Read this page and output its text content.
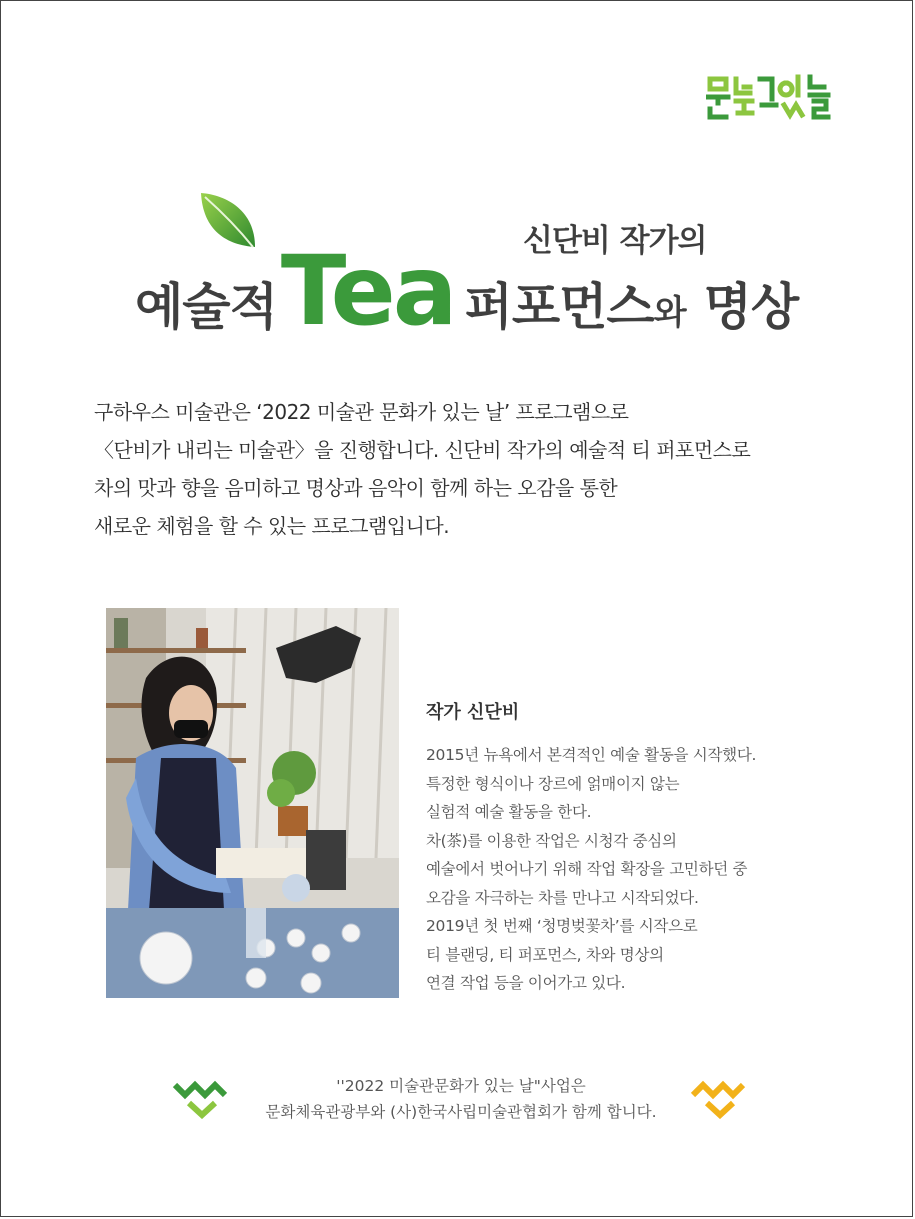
신단비 작가의
예술적 Tea 퍼포먼스 와 명상

구하우스 미술관은 ‘2022 미술관 문화가 있는 날’ 프로그램으로

〈단비가 내리는 미술관〉을 진행합니다. 신단비 작가의 예술적 티 퍼포먼스로

차의 맛과 향을 음미하고 명상과 음악이 함께 하는 오감을 통한

새로운 체험을 할 수 있는 프로그램입니다.

작가 신단비

2015년 뉴욕에서 본격적인 예술 활동을 시작했다.

특정한 형식이나 장르에 얽매이지 않는

실험적 예술 활동을 한다.

차(茶)를 이용한 작업은 시청각 중심의

예술에서 벗어나기 위해 작업 확장을 고민하던 중

오감을 자극하는 차를 만나고 시작되었다.

2019년 첫 번째 ‘청명벚꽃차’를 시작으로

티 블랜딩, 티 퍼포먼스, 차와 명상의

연결 작업 등을 이어가고 있다.

''2022 미술관문화가 있는 날"사업은

문화체육관광부와 (사)한국사립미술관협회가 함께 합니다.
